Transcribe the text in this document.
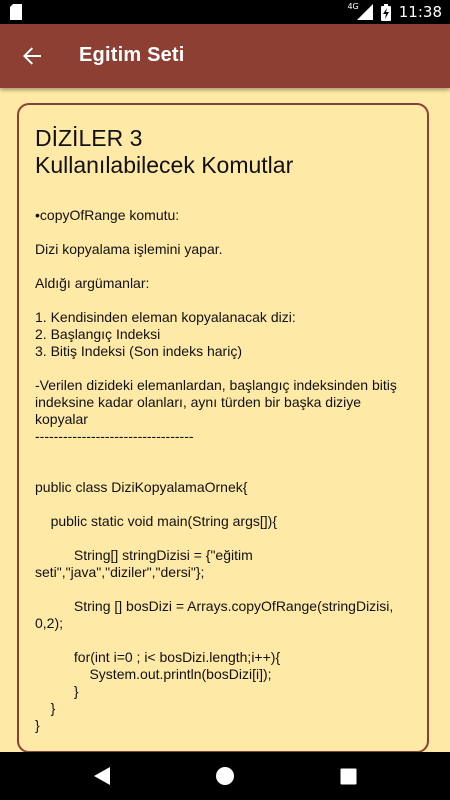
4G	11:38
Egitim Seti
DİZİLER 3
Kullanılabilecek Komutlar

•copyOfRange komutu:

Dizi kopyalama işlemini yapar.

Aldığı argümanlar:

1. Kendisinden eleman kopyalanacak dizi:
2. Başlangıç Indeksi
3. Bitiş Indeksi (Son indeks hariç)

-Verilen dizideki elemanlardan, başlangıç indeksinden bitiş indeksine kadar olanları, aynı türden bir başka diziye kopyalar
----------------------------------

public class DiziKopyalamaOrnek{

public static void main(String args[]){

String[] stringDizisi = {"eğitim seti","java","diziler","dersi"};

String [] bosDizi = Arrays.copyOfRange(stringDizisi, 0,2);

for(int i=0 ; i< bosDizi.length;i++){
System.out.println(bosDizi[i]);
}
}
}
